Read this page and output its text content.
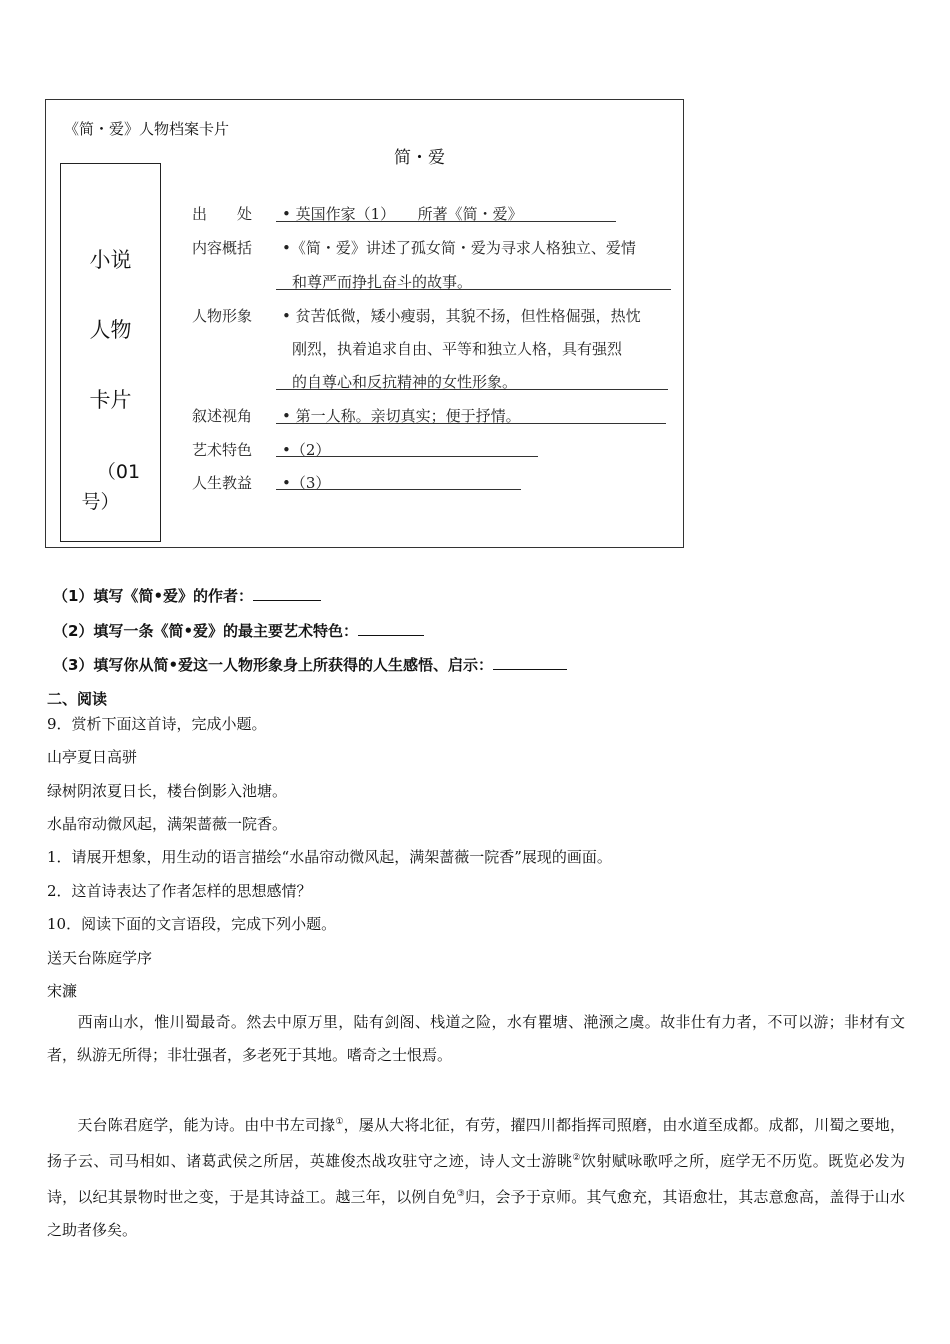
《简・爱》人物档案卡片
简・爱
小说
人物
卡片
（01
号）
出　　处 • 英国作家（1）　　所著《简・爱》
内容概括 •《简・爱》讲述了孤女简・爱为寻求人格独立、爱情
和尊严而挣扎奋斗的故事。
人物形象 • 贫苦低微，矮小瘦弱，其貌不扬，但性格倔强，热忱
刚烈，执着追求自由、平等和独立人格，具有强烈
的自尊心和反抗精神的女性形象。
叙述视角 • 第一人称。亲切真实；便于抒情。
艺术特色 •（2）
人生教益 •（3）
（1）填写《简•爱》的作者：
（2）填写一条《简•爱》的最主要艺术特色：
（3）填写你从简•爱这一人物形象身上所获得的人生感悟、启示：
二、阅读
9．赏析下面这首诗，完成小题。
山亭夏日高骈
绿树阴浓夏日长，楼台倒影入池塘。
水晶帘动微风起，满架蔷薇一院香。
1．请展开想象，用生动的语言描绘“水晶帘动微风起，满架蔷薇一院香”展现的画面。
2．这首诗表达了作者怎样的思想感情？
10．阅读下面的文言语段，完成下列小题。
送天台陈庭学序
宋濂
　　西南山水，惟川蜀最奇。然去中原万里，陆有剑阁、栈道之险，水有瞿塘、滟滪之虞。故非仕有力者，不可以游；非材有文者，纵游无所得；非壮强者，多老死于其地。嗜奇之士恨焉。
　　天台陈君庭学，能为诗。由中书左司掾①，屡从大将北征，有劳，擢四川都指挥司照磨，由水道至成都。成都，川蜀之要地，扬子云、司马相如、诸葛武侯之所居，英雄俊杰战攻驻守之迹，诗人文士游眺②饮射赋咏歌呼之所，庭学无不历览。既览必发为诗，以纪其景物时世之变，于是其诗益工。越三年，以例自免③归，会予于京师。其气愈充，其语愈壮，其志意愈高，盖得于山水之助者侈矣。
